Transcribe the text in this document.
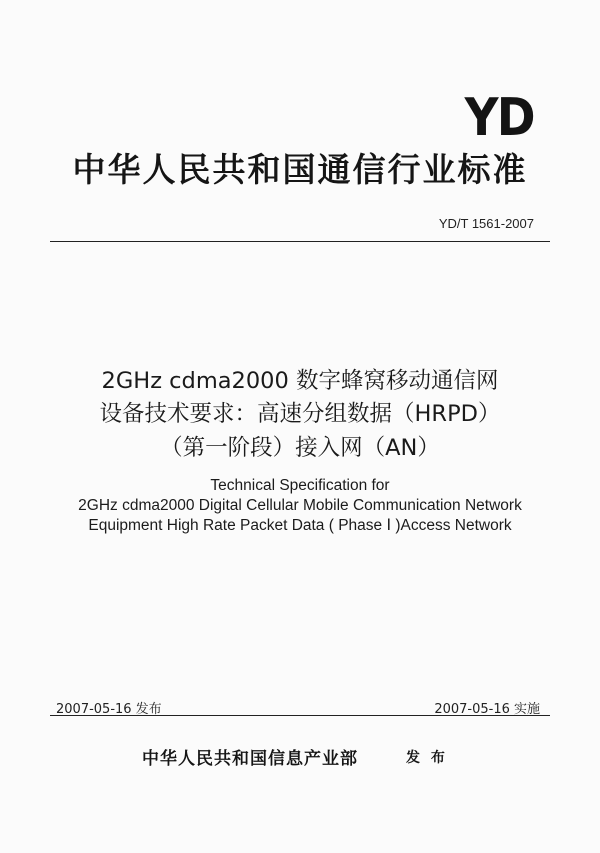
YD
中华人民共和国通信行业标准
YD/T 1561-2007
2GHz cdma2000 数字蜂窝移动通信网
设备技术要求：高速分组数据（HRPD）
（第一阶段）接入网（AN）
Technical Specification for
2GHz cdma2000 Digital Cellular Mobile Communication Network
Equipment High Rate Packet Data ( Phase Ⅰ )Access Network
2007-05-16 发布	2007-05-16 实施
中华人民共和国信息产业部	发 布
